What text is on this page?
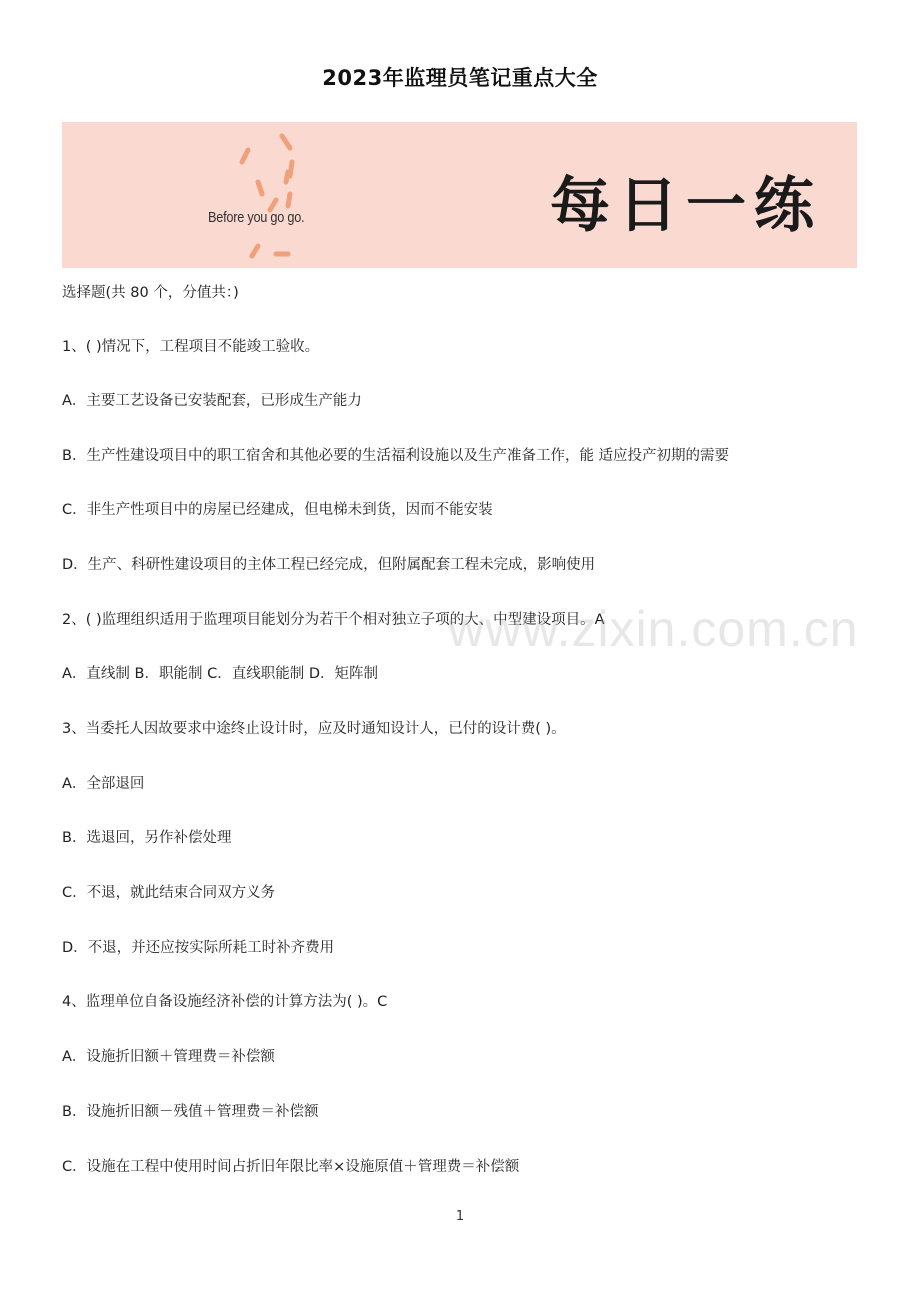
2023年监理员笔记重点大全
Before you go go.	每日一练
选择题(共 80 个，分值共：)
1、( )情况下，工程项目不能竣工验收。
A．主要工艺设备已安装配套，已形成生产能力
B．生产性建设项目中的职工宿舍和其他必要的生活福利设施以及生产准备工作，能 适应投产初期的需要
C．非生产性项目中的房屋已经建成，但电梯未到货，因而不能安装
D．生产、科研性建设项目的主体工程已经完成，但附属配套工程未完成，影响使用
2、( )监理组织适用于监理项目能划分为若干个相对独立子项的大、中型建设项目。A
A．直线制 B．职能制 C．直线职能制 D．矩阵制
3、当委托人因故要求中途终止设计时，应及时通知设计人，已付的设计费( )。
A．全部退回
B．选退回，另作补偿处理
C．不退，就此结束合同双方义务
D．不退，并还应按实际所耗工时补齐费用
4、监理单位自备设施经济补偿的计算方法为( )。C
A．设施折旧额＋管理费＝补偿额
B．设施折旧额－残值＋管理费＝补偿额
C．设施在工程中使用时间占折旧年限比率×设施原值＋管理费＝补偿额
www.zixin.com.cn
1
